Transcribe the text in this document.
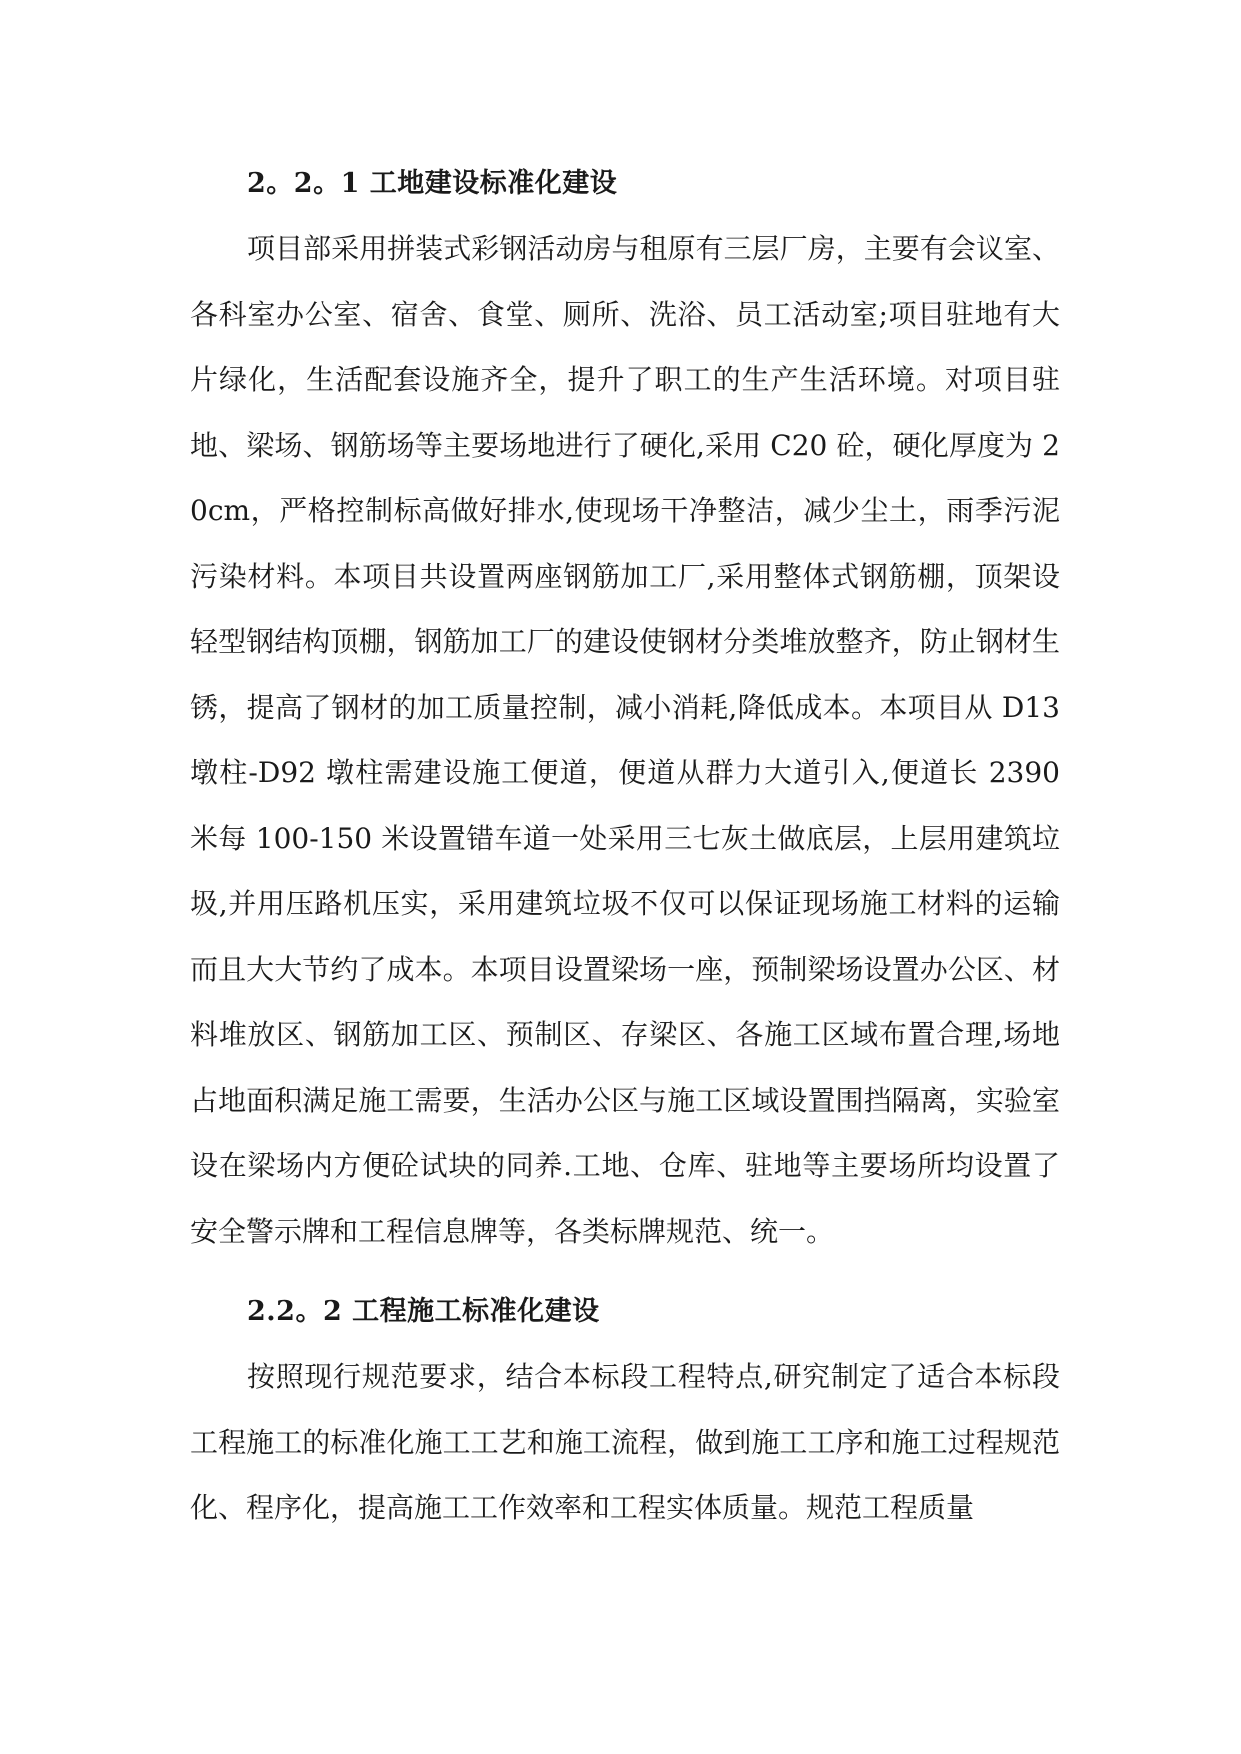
2。2。1 工地建设标准化建设

项目部采用拼装式彩钢活动房与租原有三层厂房，主要有会议室、各科室办公室、宿舍、食堂、厕所、洗浴、员工活动室;项目驻地有大片绿化，生活配套设施齐全，提升了职工的生产生活环境。对项目驻地、梁场、钢筋场等主要场地进行了硬化,采用 C20 砼，硬化厚度为 20cm，严格控制标高做好排水,使现场干净整洁，减少尘土，雨季污泥污染材料。本项目共设置两座钢筋加工厂,采用整体式钢筋棚，顶架设轻型钢结构顶棚，钢筋加工厂的建设使钢材分类堆放整齐，防止钢材生锈，提高了钢材的加工质量控制，减小消耗,降低成本。本项目从 D13 墩柱-D92 墩柱需建设施工便道，便道从群力大道引入,便道长 2390 米每 100-150 米设置错车道一处采用三七灰土做底层，上层用建筑垃圾,并用压路机压实，采用建筑垃圾不仅可以保证现场施工材料的运输而且大大节约了成本。本项目设置梁场一座，预制梁场设置办公区、材料堆放区、钢筋加工区、预制区、存梁区、各施工区域布置合理,场地占地面积满足施工需要，生活办公区与施工区域设置围挡隔离，实验室设在梁场内方便砼试块的同养.工地、仓库、驻地等主要场所均设置了安全警示牌和工程信息牌等，各类标牌规范、统一。

2.2。2 工程施工标准化建设

按照现行规范要求，结合本标段工程特点,研究制定了适合本标段工程施工的标准化施工工艺和施工流程，做到施工工序和施工过程规范化、程序化，提高施工工作效率和工程实体质量。规范工程质量
